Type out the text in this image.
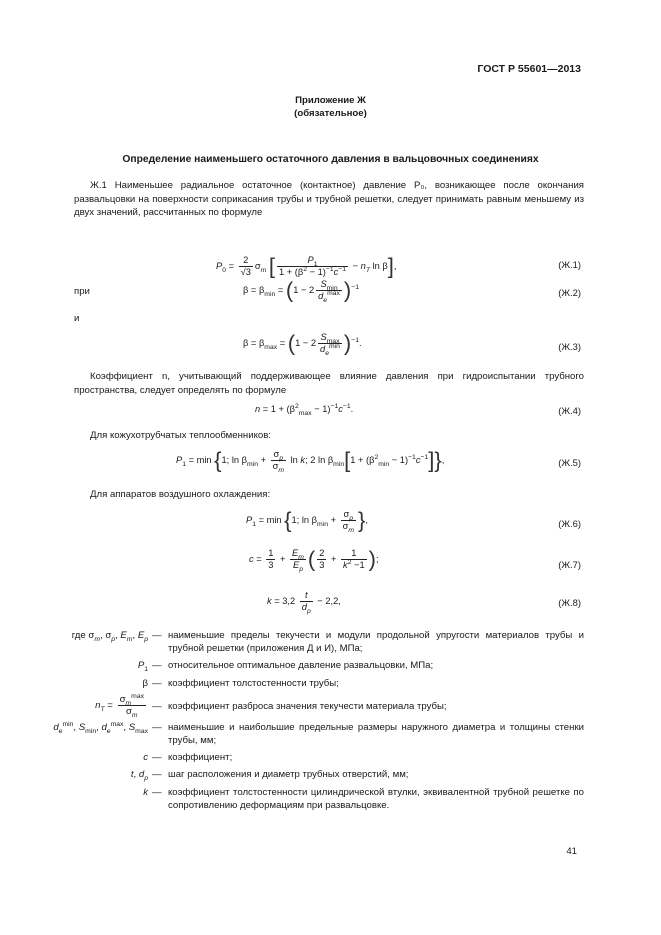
ГОСТ Р 55601—2013
Приложение Ж
(обязательное)
Определение наименьшего остаточного давления в вальцовочных соединениях
Ж.1 Наименьшее радиальное остаточное (контактное) давление P₀, возникающее после окончания развальцовки на поверхности соприкасания трубы и трубной решетки, следует принимать равным меньшему из двух значений, рассчитанных по формуле
$P_0 = \frac{2}{√3} \sigma_m$ [ $\frac{P_1}{1 + (\beta^2 - 1)^{-1}c^{-1}} - n_T$ ln β],	(Ж.1)
при	$\beta = \beta_{min} = (1 - 2 \frac{S_{min}}{d_e^{max}} )^{-1}$	(Ж.2)
и
$\beta = \beta_{max} = (1 - 2 \frac{S_{max}}{d_e^{min}} )^{-1}$.	(Ж.3)
Коэффициент n, учитывающий поддерживающее влияние давления при гидроиспытании трубного пространства, следует определять по формуле
$n = 1 + (\beta^2_{max} - 1)^{-1}c^{-1}$.	(Ж.4)
Для кожухотрубчатых теплообменников:
$P_1 = \min \{1$; $\ln \beta_{min} + \frac{\sigma_p}{\sigma_m}$ ln k; 2 $\ln \beta_{min}[1 + (\beta^2_{min} - 1)^{-1}c^{-1}]$},	(Ж.5)
Для аппаратов воздушного охлаждения:
$P_1 = \min \{1$; $\ln \beta_{min} + \frac{\sigma_p}{\sigma_m}$ },	(Ж.6)
$c = \frac{1}{3} + \frac{E_m}{E_p}$ ( $\frac{2}{3} + \frac{1}{k^2 -1}$ );
(Ж.7)
$k = 3,2 \frac{t}{d_p} - 2,2$,	(Ж.8)
где $\sigma_m$, $\sigma_p$, $E_m$, $E_p$ — наименьшие пределы текучести и модули продольной упругости материалов трубы и трубной решетки (приложения Д и И), МПа;
$P_1$ — относительное оптимальное давление развальцовки, МПа;
β — коэффициент толстостенности трубы;
$n_T = \frac{\sigma_m^{max}}{\sigma_m}$ — коэффициент разброса значения текучести материала трубы;
$d_e^{min}$, $S_{min}$, $d_e^{max}$, $S_{max}$ — наименьшие и наибольшие предельные размеры наружного диаметра и толщины стенки трубы, мм;
c — коэффициент;
t, $d_p$ — шаг расположения и диаметр трубных отверстий, мм;
k — коэффициент толстостенности цилиндрической втулки, эквивалентной трубной решетке по сопротивлению деформациям при развальцовке.
41
